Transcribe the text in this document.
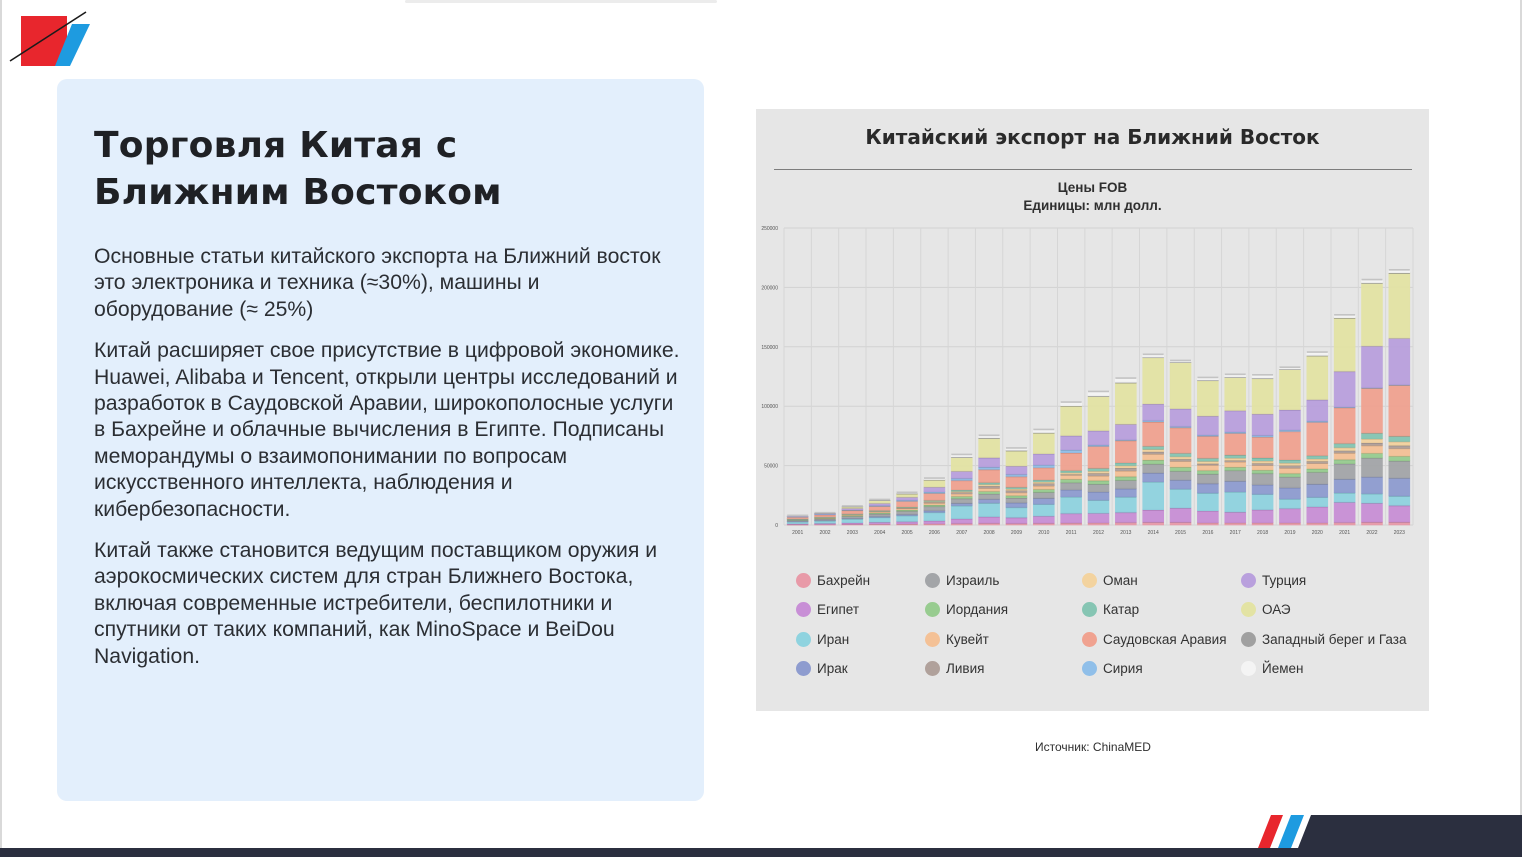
Торговля Китая с Ближним Востоком

Основные статьи китайского экспорта на Ближний восток это электроника и техника (≈30%), машины и оборудование (≈ 25%)

Китай расширяет свое присутствие в цифровой экономике. Huawei, Alibaba и Tencent, открыли центры исследований и разработок в Саудовской Аравии, широкополосные услуги в Бахрейне и облачные вычисления в Египте. Подписаны меморандумы о взаимопонимании по вопросам искусственного интеллекта, наблюдения и кибербезопасности.

Китай также становится ведущим поставщиком оружия и аэрокосмических систем для стран Ближнего Востока, включая современные истребители, беспилотники и спутники от таких компаний, как MinoSpace и BeiDou Navigation.

Китайский экспорт на Ближний Восток
Цены FOB
Единицы: млн долл.
0
50000
100000
150000
200000
250000
2001	2002	2003	2004	2005	2006	2007	2008	2009	2010	2011	2012	2013	2014	2015	2016	2017	2018	2019	2020	2021	2022	2023
Бахрейн
Египет
Иран
Ирак
Израиль
Иордания
Кувейт
Ливия
Оман
Катар
Саудовская Аравия
Сирия
Турция
ОАЭ
Западный берег и Газа
Йемен
Источник: ChinaMED
